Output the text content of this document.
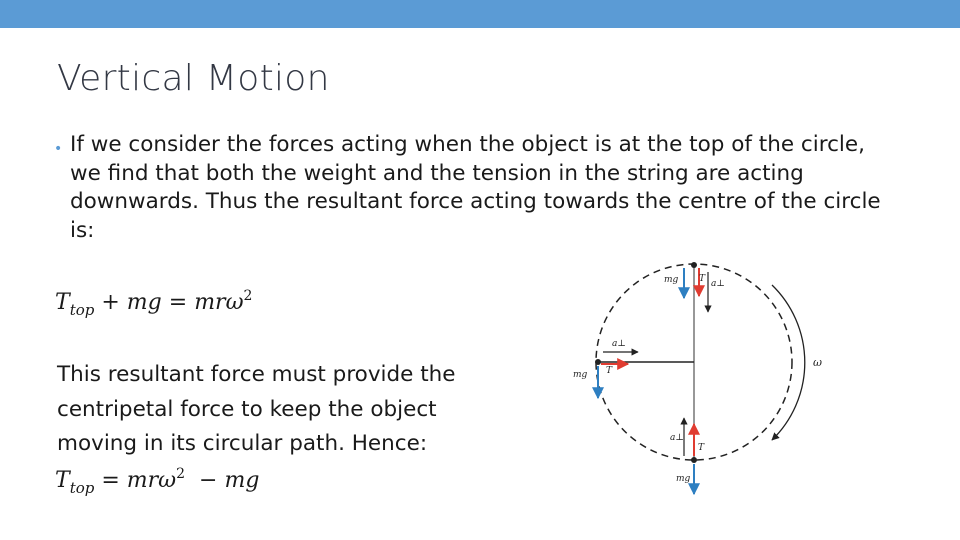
Vertical Motion
• If we consider the forces acting when the object is at the top of the circle, we find that both the weight and the tension in the string are acting downwards. Thus the resultant force acting towards the centre of the circle is:
$T_{top}$ + mg = mrω$^2$
This resultant force must provide the centripetal force to keep the object moving in its circular path. Hence:
$T_{top} = mr\omega^2$ − mg
mg T a⊥
a⊥
mg T
a⊥
T
mg
ω
